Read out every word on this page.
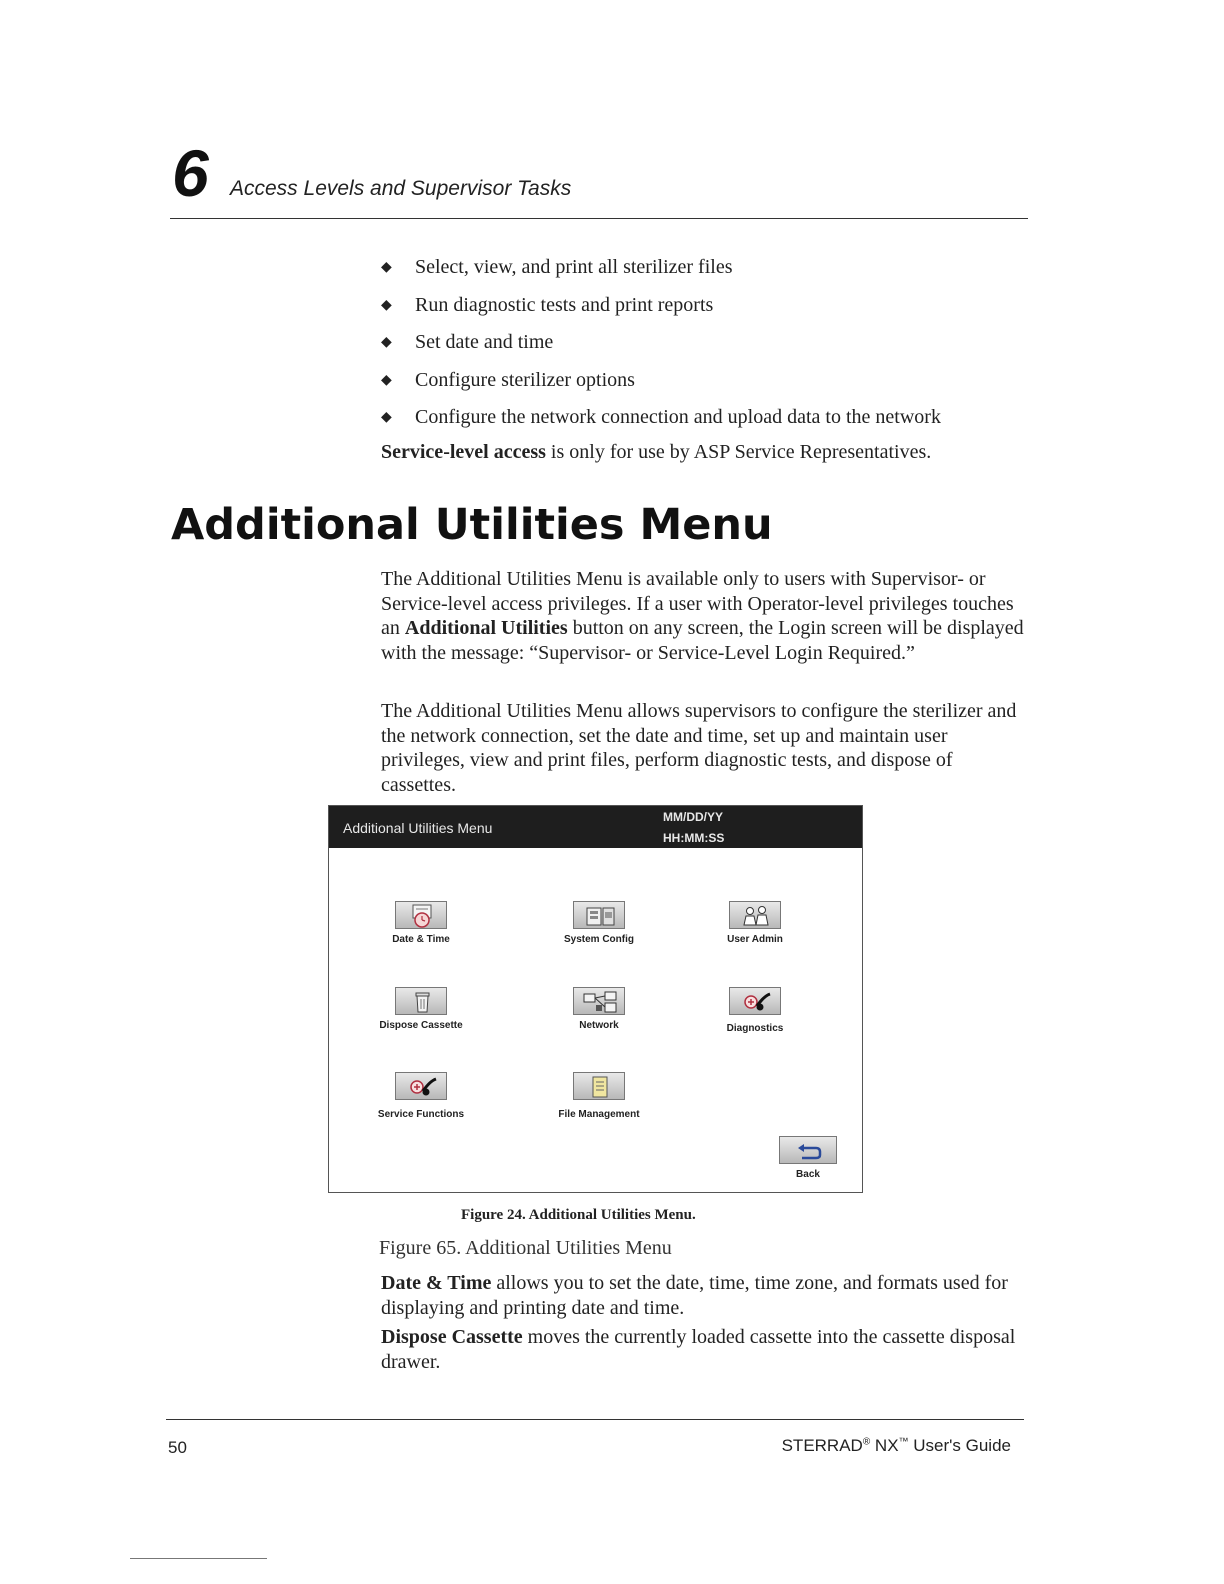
6 Access Levels and Supervisor Tasks
◆	Select, view, and print all sterilizer files
◆	Run diagnostic tests and print reports
◆	Set date and time
◆	Configure sterilizer options
◆	Configure the network connection and upload data to the network

Service-level access is only for use by ASP Service Representatives.

Additional Utilities Menu

The Additional Utilities Menu is available only to users with Supervisor- or Service-level access privileges. If a user with Operator-level privileges touches an Additional Utilities button on any screen, the Login screen will be displayed with the message: “Supervisor- or Service-Level Login Required.”

The Additional Utilities Menu allows supervisors to configure the sterilizer and the network connection, set the date and time, set up and maintain user privileges, view and print files, perform diagnostic tests, and dispose of cassettes.

Additional Utilities Menu
MM/DD/YY
HH:MM:SS
Date & Time	System Config	User Admin
Dispose Cassette	Network	Diagnostics
Service Functions	File Management
Back
Figure 24. Additional Utilities Menu.
Figure 65. Additional Utilities Menu

Date & Time allows you to set the date, time, time zone, and formats used for displaying and printing date and time.

Dispose Cassette moves the currently loaded cassette into the cassette disposal drawer.

50	STERRAD® NX™ User's Guide
